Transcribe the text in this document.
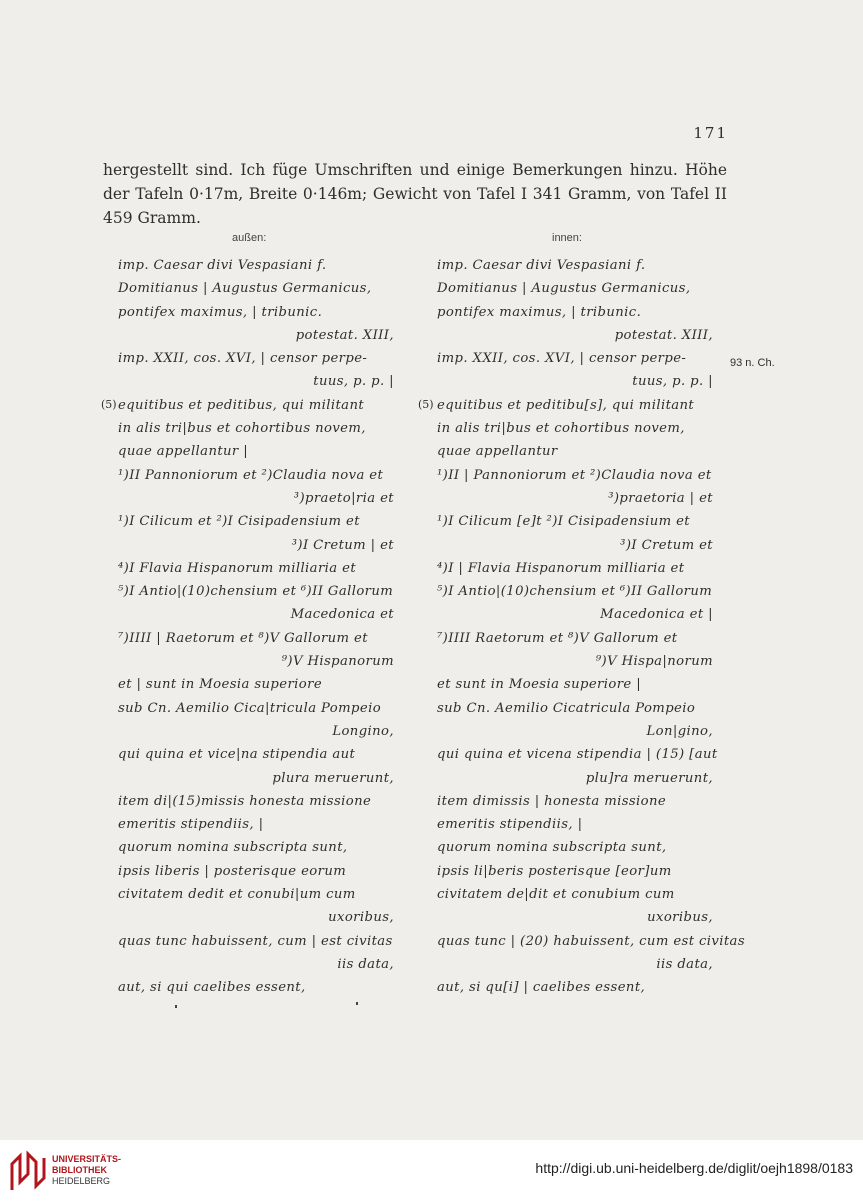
171
hergestellt sind. Ich füge Umschriften und einige Bemerkungen hinzu. Höhe der Tafeln 0·17m, Breite 0·146m; Gewicht von Tafel I 341 Gramm, von Tafel II 459 Gramm.
außen:	innen:
(5)	(5)
93 n. Ch.
imp. Caesar divi Vespasiani f.
Domitianus | Augustus Germanicus,
pontifex maximus, | tribunic.
potestat. XIII,
imp. XXII, cos. XVI, | censor perpe-
tuus, p. p. |
equitibus et peditibus, qui militant
in alis tri|bus et cohortibus novem,
quae appellantur |
¹)II Pannoniorum et ²)Claudia nova et
³)praeto|ria et
¹)I Cilicum et ²)I Cisipadensium et
³)I Cretum | et
⁴)I Flavia Hispanorum milliaria et
⁵)I Antio|(10)chensium et ⁶)II Gallorum
Macedonica et
⁷)IIII | Raetorum et ⁸)V Gallorum et
⁹)V Hispanorum
et | sunt in Moesia superiore
sub Cn. Aemilio Cica|tricula Pompeio
Longino,
qui quina et vice|na stipendia aut
plura meruerunt,
item di|(15)missis honesta missione
emeritis stipendiis, |
quorum nomina subscripta sunt,
ipsis liberis | posterisque eorum
civitatem dedit et conubi|um cum
uxoribus,
quas tunc habuissent, cum | est civitas
iis data,
aut, si qui caelibes essent,
imp. Caesar divi Vespasiani f.
Domitianus | Augustus Germanicus,
pontifex maximus, | tribunic.
potestat. XIII,
imp. XXII, cos. XVI, | censor perpe-
tuus, p. p. |
equitibus et peditibu[s], qui militant
in alis tri|bus et cohortibus novem,
quae appellantur
¹)II | Pannoniorum et ²)Claudia nova et
³)praetoria | et
¹)I Cilicum [e]t ²)I Cisipadensium et
³)I Cretum et
⁴)I | Flavia Hispanorum milliaria et
⁵)I Antio|(10)chensium et ⁶)II Gallorum
Macedonica et |
⁷)IIII Raetorum et ⁸)V Gallorum et
⁹)V Hispa|norum
et sunt in Moesia superiore |
sub Cn. Aemilio Cicatricula Pompeio
Lon|gino,
qui quina et vicena stipendia | (15) [aut
plu]ra meruerunt,
item dimissis | honesta missione
emeritis stipendiis, |
quorum nomina subscripta sunt,
ipsis li|beris posterisque [eor]um
civitatem de|dit et conubium cum
uxoribus,
quas tunc | (20) habuissent, cum est civitas
iis data,
aut, si qu[i] | caelibes essent,
UNIVERSITÄTS-
BIBLIOTHEK
HEIDELBERG
http://digi.ub.uni-heidelberg.de/diglit/oejh1898/0183
